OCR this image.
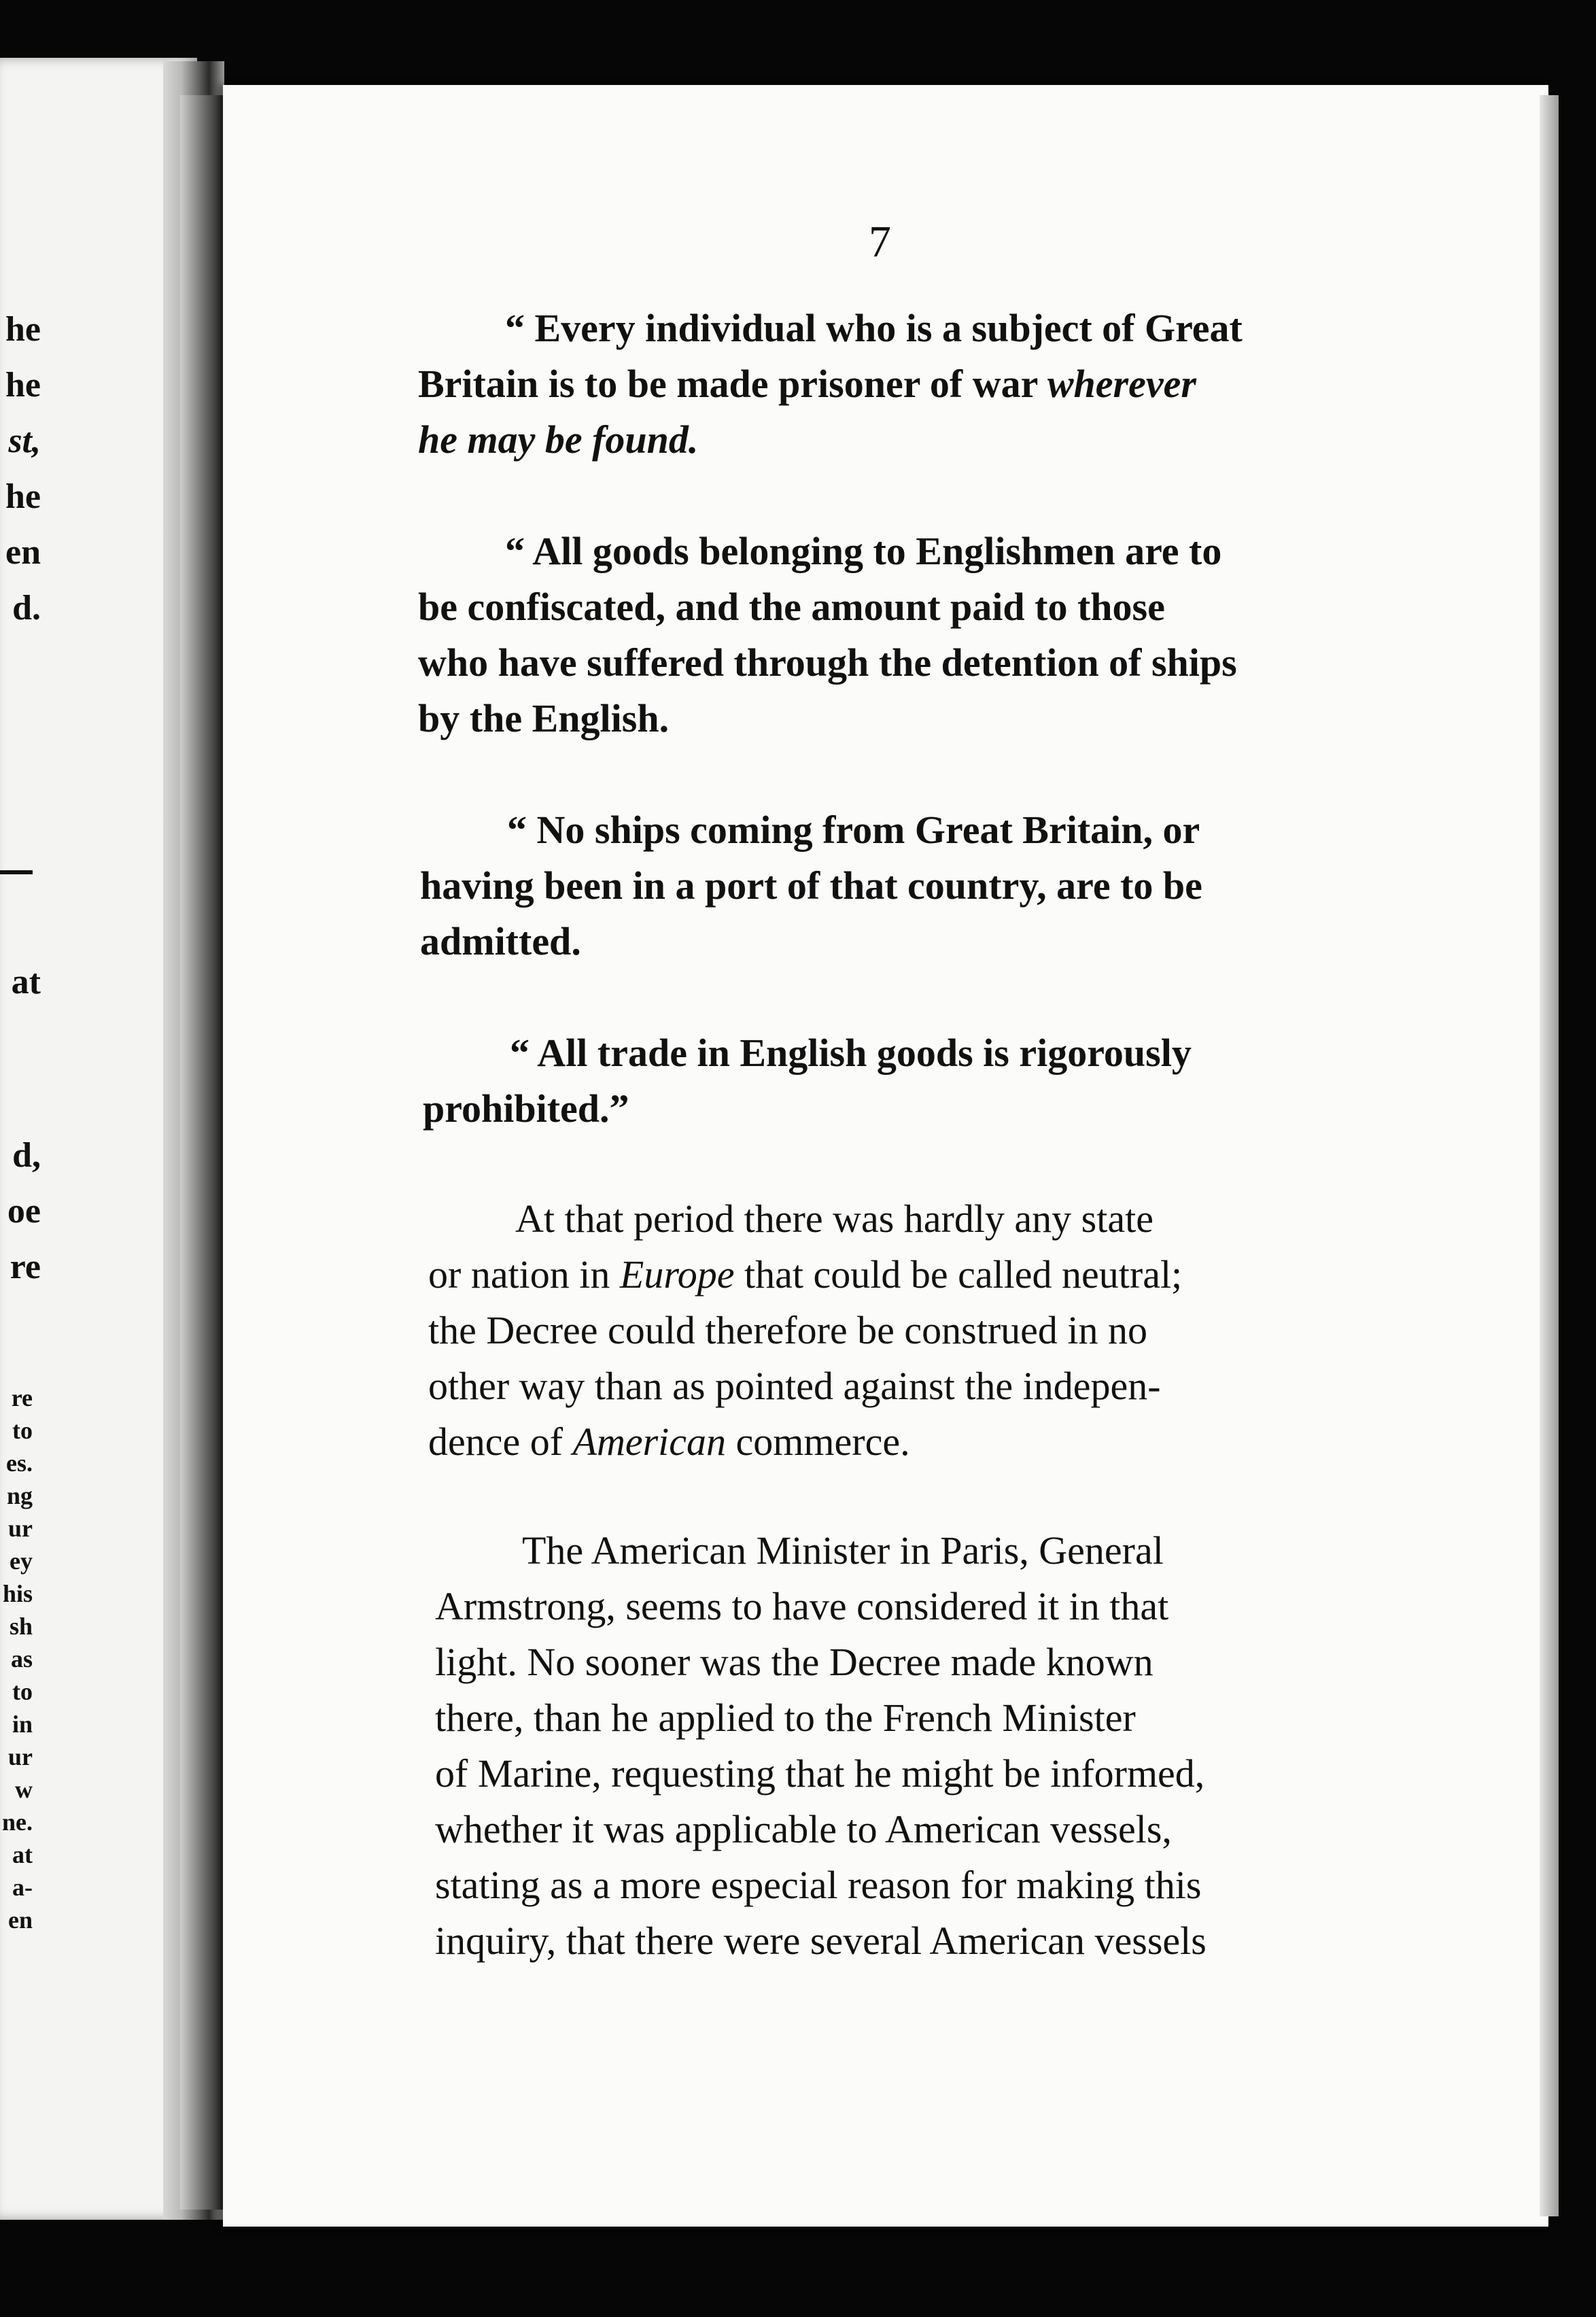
he
he
st,
he
en
d.
at
d,
oe
re
re
to
es.
ng
ur
ey
his
sh
as
to
in
ur
w
ne.
at
a-
en
7
“ Every individual who is a subject of Great
Britain is to be made prisoner of war wherever
he may be found.
“ All goods belonging to Englishmen are to
be confiscated, and the amount paid to those
who have suffered through the detention of ships
by the English.
“ No ships coming from Great Britain, or
having been in a port of that country, are to be
admitted.
“ All trade in English goods is rigorously
prohibited.”
At that period there was hardly any state
or nation in Europe that could be called neutral;
the Decree could therefore be construed in no
other way than as pointed against the indepen-
dence of American commerce.
The American Minister in Paris, General
Armstrong, seems to have considered it in that
light. No sooner was the Decree made known
there, than he applied to the French Minister
of Marine, requesting that he might be informed,
whether it was applicable to American vessels,
stating as a more especial reason for making this
inquiry, that there were several American vessels
